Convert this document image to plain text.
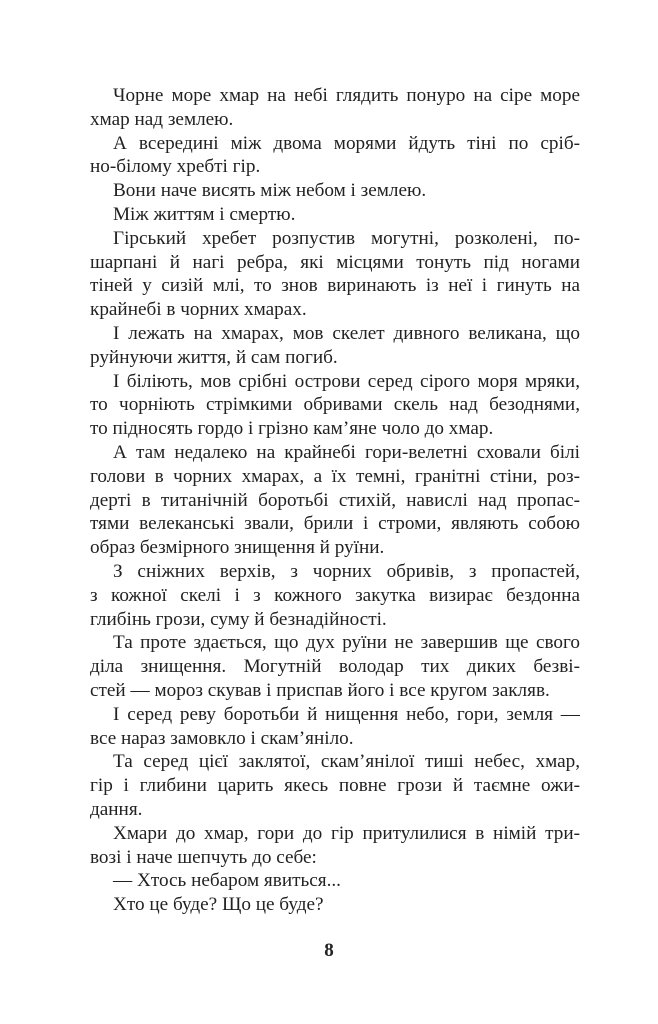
Чорне море хмар на небі глядить понуро на сіре море
хмар над землею.
А всередині між двома морями йдуть тіні по сріб-
но-білому хребті гір.
Вони наче висять між небом і землею.
Між життям і смертю.
Гірський хребет розпустив могутні, розколені, по-
шарпані й нагі ребра, які місцями тонуть під ногами
тіней у сизій млі, то знов виринають із неї і гинуть на
крайнебі в чорних хмарах.
І лежать на хмарах, мов скелет дивного великана, що
руйнуючи життя, й сам погиб.
І біліють, мов срібні острови серед сірого моря мряки,
то чорніють стрімкими обривами скель над безоднями,
то підносять гордо і грізно кам’яне чоло до хмар.
А там недалеко на крайнебі гори-велетні сховали білі
голови в чорних хмарах, а їх темні, гранітні стіни, роз-
дерті в титанічній боротьбі стихій, навислі над пропас-
тями велеканські звали, брили і строми, являють собою
образ безмірного знищення й руїни.
З сніжних верхів, з чорних обривів, з пропастей,
з кожної скелі і з кожного закутка визирає бездонна
глибінь грози, суму й безнадійності.
Та проте здається, що дух руїни не завершив ще свого
діла знищення. Могутній володар тих диких безві-
стей — мороз скував і приспав його і все кругом закляв.
І серед реву боротьби й нищення небо, гори, земля —
все нараз замовкло і скам’яніло.
Та серед цієї заклятої, скам’янілої тиші небес, хмар,
гір і глибини царить якесь повне грози й таємне ожи-
дання.
Хмари до хмар, гори до гір притулилися в німій три-
возі і наче шепчуть до себе:
— Хтось небаром явиться...
Хто це буде? Що це буде?
8
